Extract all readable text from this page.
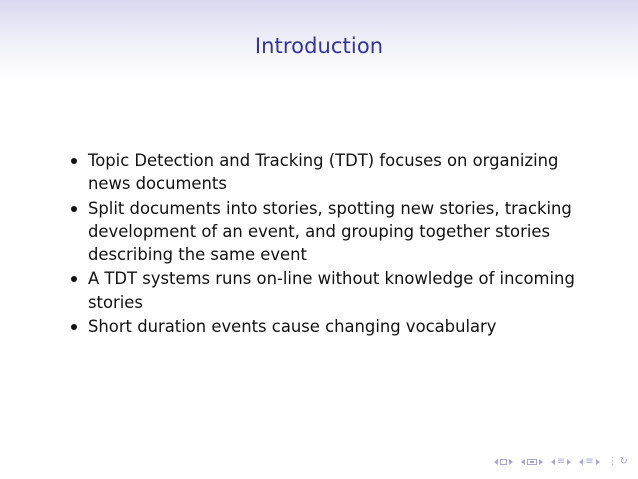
Introduction
Topic Detection and Tracking (TDT) focuses on organizing news documents
Split documents into stories, spotting new stories, tracking development of an event, and grouping together stories describing the same event
A TDT systems runs on-line without knowledge of incoming stories
Short duration events cause changing vocabulary
≡ ≡ ⋮ ↻
